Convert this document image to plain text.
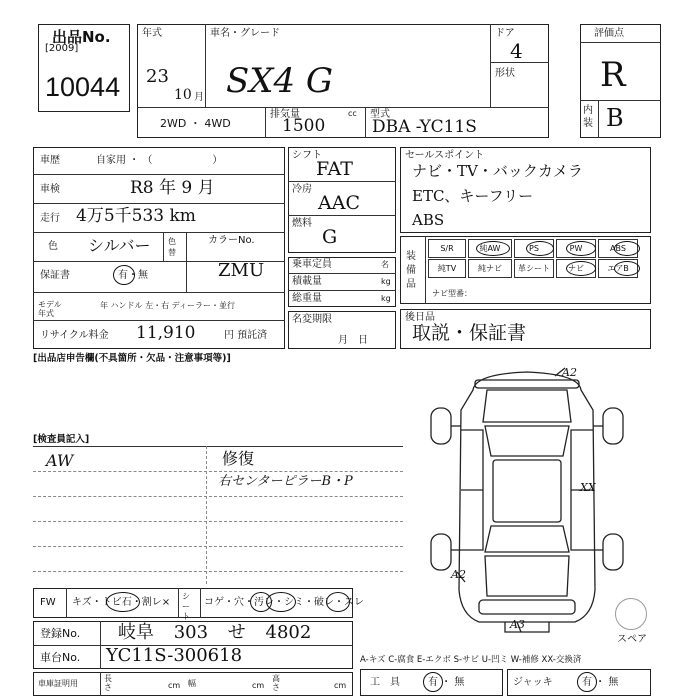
出品No.
[2009]
10044
年式
23
10 月
車名・グレード
SX4 G
ドア
4
形状
2WD ・ 4WD
排気量
1500
cc 型式
DBA -YC11S
評価点
R
内装 B
車歴	自家用 ・ （　　　　　　）
車検	R8 年 9 月
走行 4万5千533 km
色 シルバー 色替
カラーNo.
ZMU
保証書	有・無
モデル年式
年 ハンドル 左・右 ディーラー・並行
リサイクル料金 11,910	円 預託済
シフト
FAT
冷房
AAC
燃料
G
乗車定員	名
積載量	kg
総重量	kg
名変期限
月　日
セールスポイント
ナビ・TV・バックカメラ
ETC、キーフリー
ABS
装備品
S/R	純AW	PS	PW	ABS
純TV	純ナビ	革シート	ナビ	エアB
ナビ型番：
後日品
取説・保証書
[出品店申告欄(不具箇所・欠品・注意事項等)]
[検査員記入]
AW	修復
右センターピラーB・P
A2
XX
A2
A3
スペア
A-キズ C-腐食 E-エクボ S-サビ U-凹ミ W-補修 XX-交換済
FW キズ・トビ石・割レ×
シート
コゲ・穴・汚レ・シミ・破レ・スレ
登録No. 岐阜 303 せ 4802
車台No. YC11S-300618
車庫証明用
長さ	cm 幅	cm
高さ	cm 工　具	有 ・ 無	ジャッキ	有 ・ 無
